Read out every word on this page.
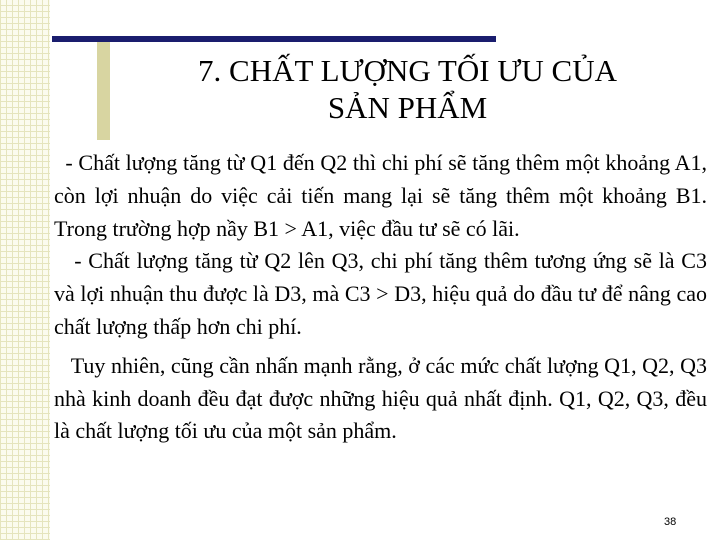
7. CHẤT LƯỢNG TỐI ƯU CỦA
SẢN PHẨM

- Chất lượng tăng từ Q1 đến Q2 thì chi phí sẽ tăng thêm một khoảng A1, còn lợi nhuận do việc cải tiến mang lại sẽ tăng thêm một khoảng B1. Trong trường hợp nầy B1 > A1, việc đầu tư sẽ có lãi.

- Chất lượng tăng từ Q2 lên Q3, chi phí tăng thêm tương ứng sẽ là C3 và lợi nhuận thu được là D3, mà C3 > D3, hiệu quả do đầu tư để nâng cao chất lượng thấp hơn chi phí.

Tuy nhiên, cũng cần nhấn mạnh rằng, ở các mức chất lượng Q1, Q2, Q3 nhà kinh doanh đều đạt được những hiệu quả nhất định. Q1, Q2, Q3, đều là chất lượng tối ưu của một sản phẩm.

38
